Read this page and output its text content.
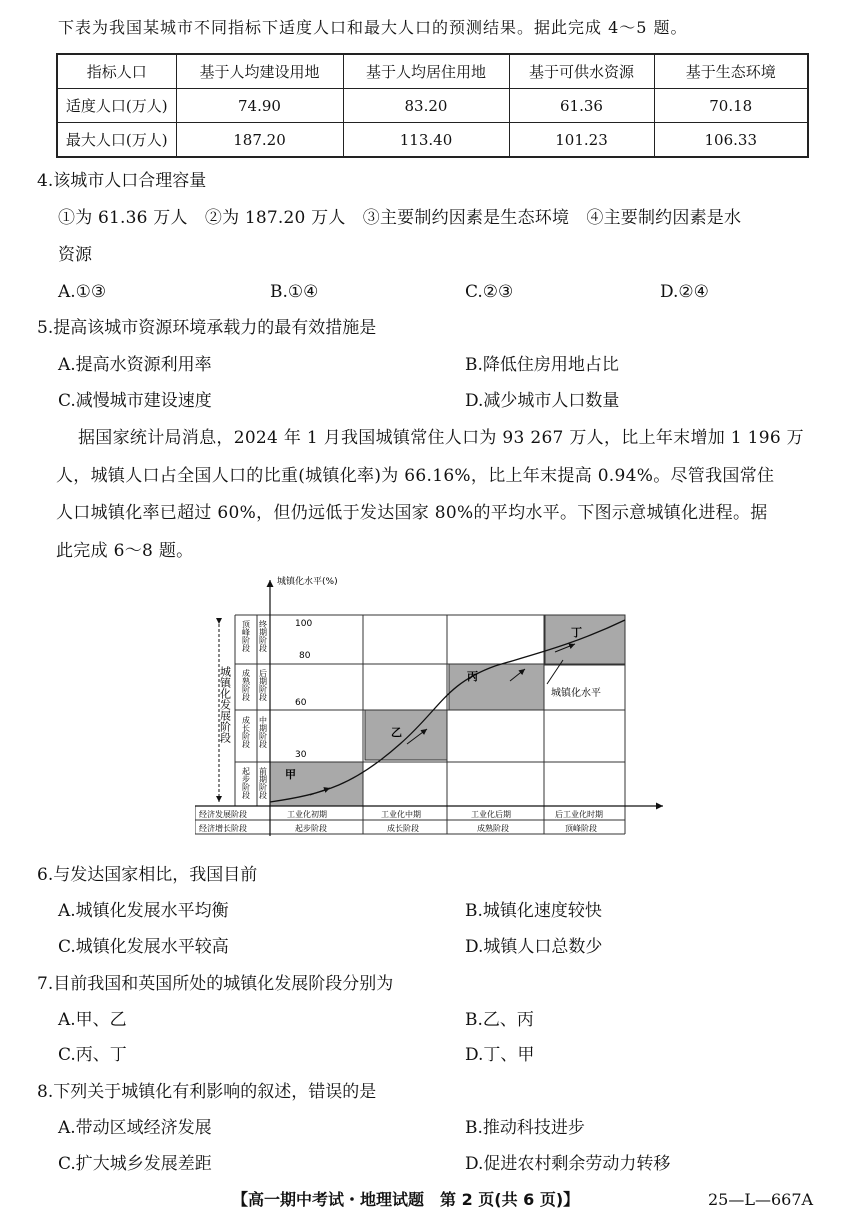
下表为我国某城市不同指标下适度人口和最大人口的预测结果。据此完成 4～5 题。
指标人口	基于人均建设用地	基于人均居住用地	基于可供水资源	基于生态环境
适度人口(万人)	74.90	83.20	61.36	70.18
最大人口(万人)	187.20	113.40	101.23	106.33
4.该城市人口合理容量
①为 61.36 万人　②为 187.20 万人　③主要制约因素是生态环境　④主要制约因素是水
资源
A.①③	B.①④	C.②③	D.②④
5.提高该城市资源环境承载力的最有效措施是
A.提高水资源利用率	B.降低住房用地占比
C.减慢城市建设速度	D.减少城市人口数量
据国家统计局消息，2024 年 1 月我国城镇常住人口为 93 267 万人，比上年末增加 1 196 万
人，城镇人口占全国人口的比重(城镇化率)为 66.16%，比上年末提高 0.94%。尽管我国常住
人口城镇化率已超过 60%，但仍远低于发达国家 80%的平均水平。下图示意城镇化进程。据
此完成 6～8 题。
城镇化水平(%)
城镇化水平
甲
乙
丙
丁
100
80
60
30
城镇化发展阶段
顶峰阶段
成熟阶段
成长阶段
起步阶段
终期阶段
后期阶段
中期阶段
前期阶段
经济发展阶段
经济增长阶段
工业化初期	工业化中期	工业化后期	后工业化时期
起步阶段	成长阶段	成熟阶段	顶峰阶段
6.与发达国家相比，我国目前
A.城镇化发展水平均衡	B.城镇化速度较快
C.城镇化发展水平较高	D.城镇人口总数少
7.目前我国和英国所处的城镇化发展阶段分别为
A.甲、乙	B.乙、丙
C.丙、丁	D.丁、甲
8.下列关于城镇化有利影响的叙述，错误的是
A.带动区域经济发展	B.推动科技进步
C.扩大城乡发展差距	D.促进农村剩余劳动力转移
【高一期中考试・地理试题　第 2 页(共 6 页)】	25—L—667A
